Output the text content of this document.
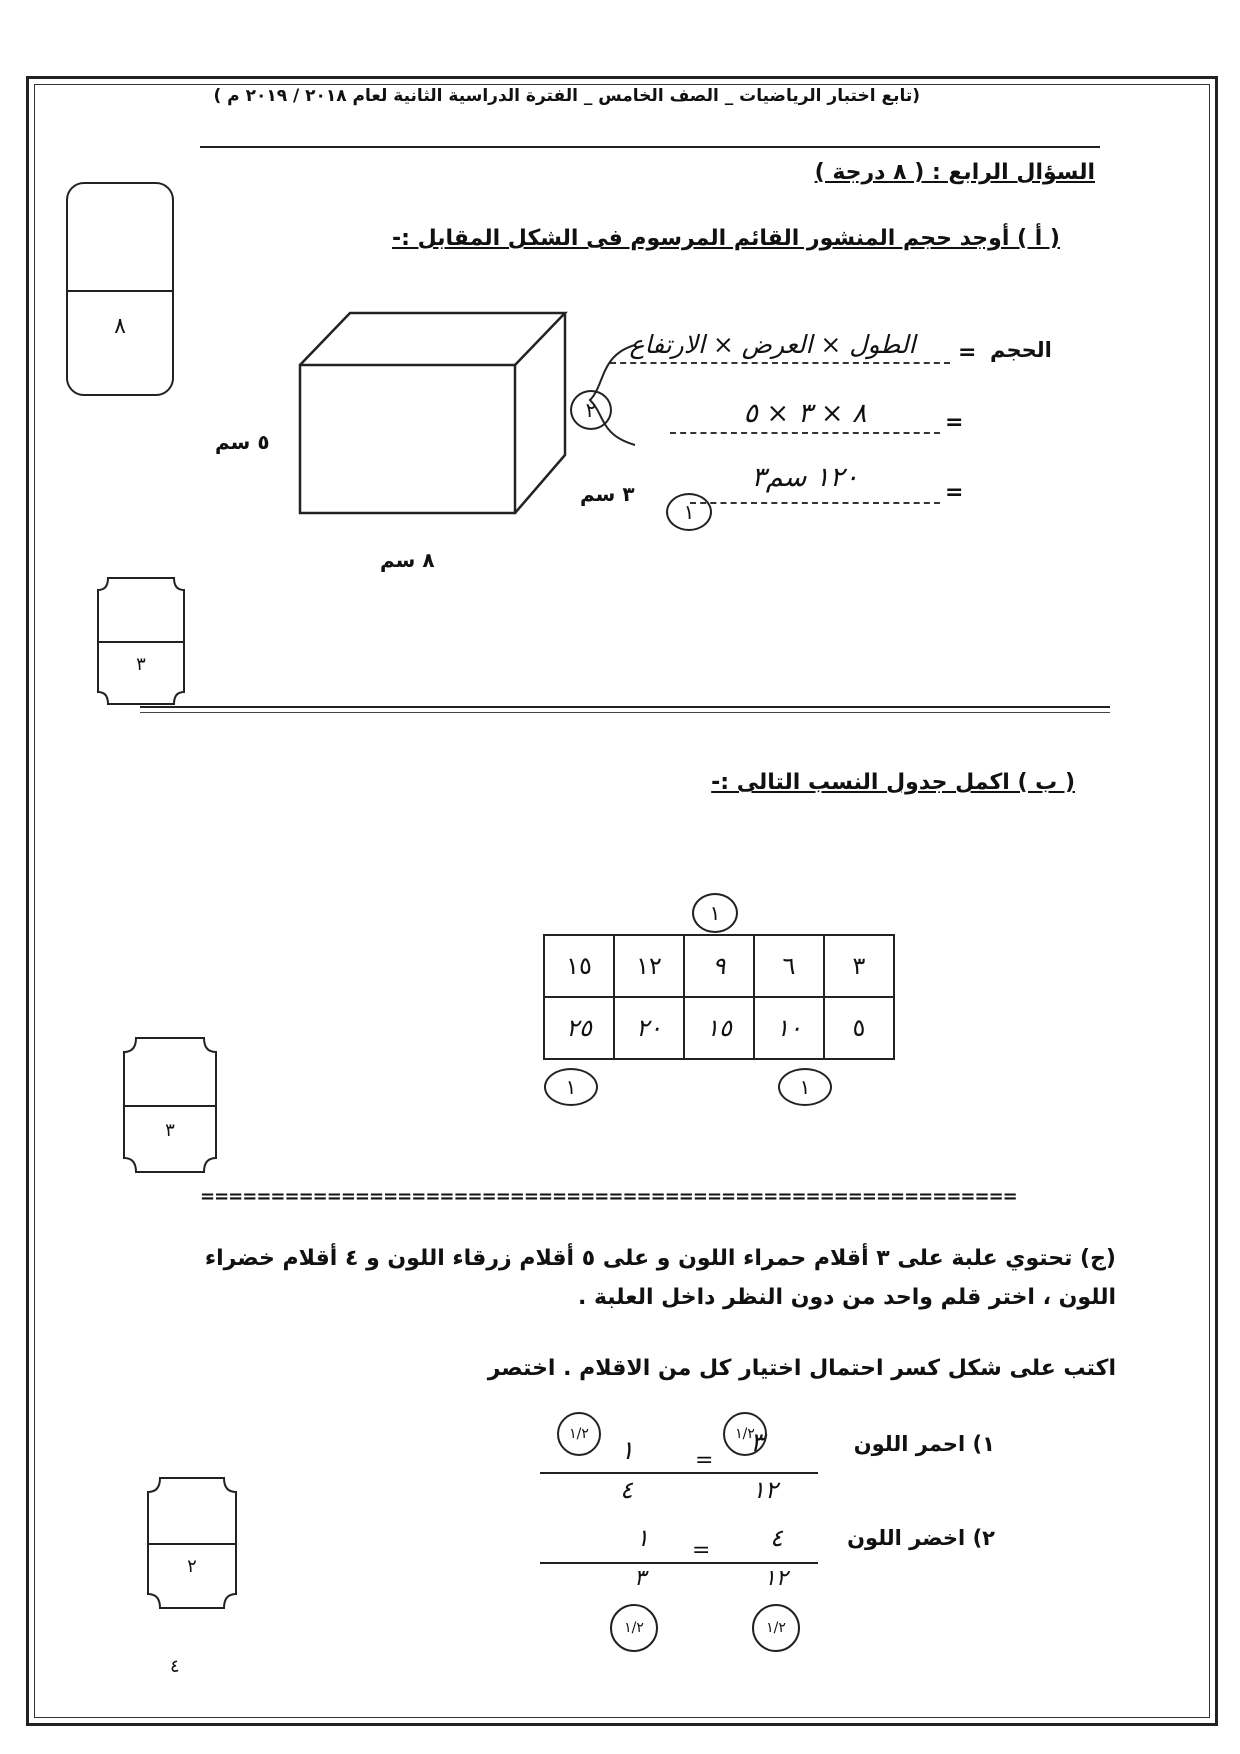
(تابع اختبار الرياضيات _ الصف الخامس _ الفترة الدراسية الثانية لعام ٢٠١٨ / ٢٠١٩ م )
السؤال الرابع : ( ٨ درجة )
٨
( أ ) أوجد حجم المنشور القائم المرسوم فى الشكل المقابل :-
٥ سم
٣ سم
٨ سم
الحجم
=
الطول × العرض × الارتفاع
=
٨ × ٣ × ٥
=
١٢٠ سم٣
٢
١
٣
( ب ) اكمل جدول النسب التالى :-
١
١٥	١٢	٩	٦	٣
٢٥	٢٠	١٥	١٠	٥
١	١
٣
==========================================================
(ج) تحتوي علبة على ٣ أقلام حمراء اللون و على ٥ أقلام زرقاء اللون و ٤ أقلام خضراء
اللون ، اختر قلم واحد من دون النظر داخل العلبة .
اكتب على شكل كسر احتمال اختيار كل من الاقلام . اختصر
١) احمر اللون
٣
١٢
=
١
٤
١/٢	١/٢
٢) اخضر اللون
٤
١٢
=
١
٣
١/٢	١/٢
٢
٤
